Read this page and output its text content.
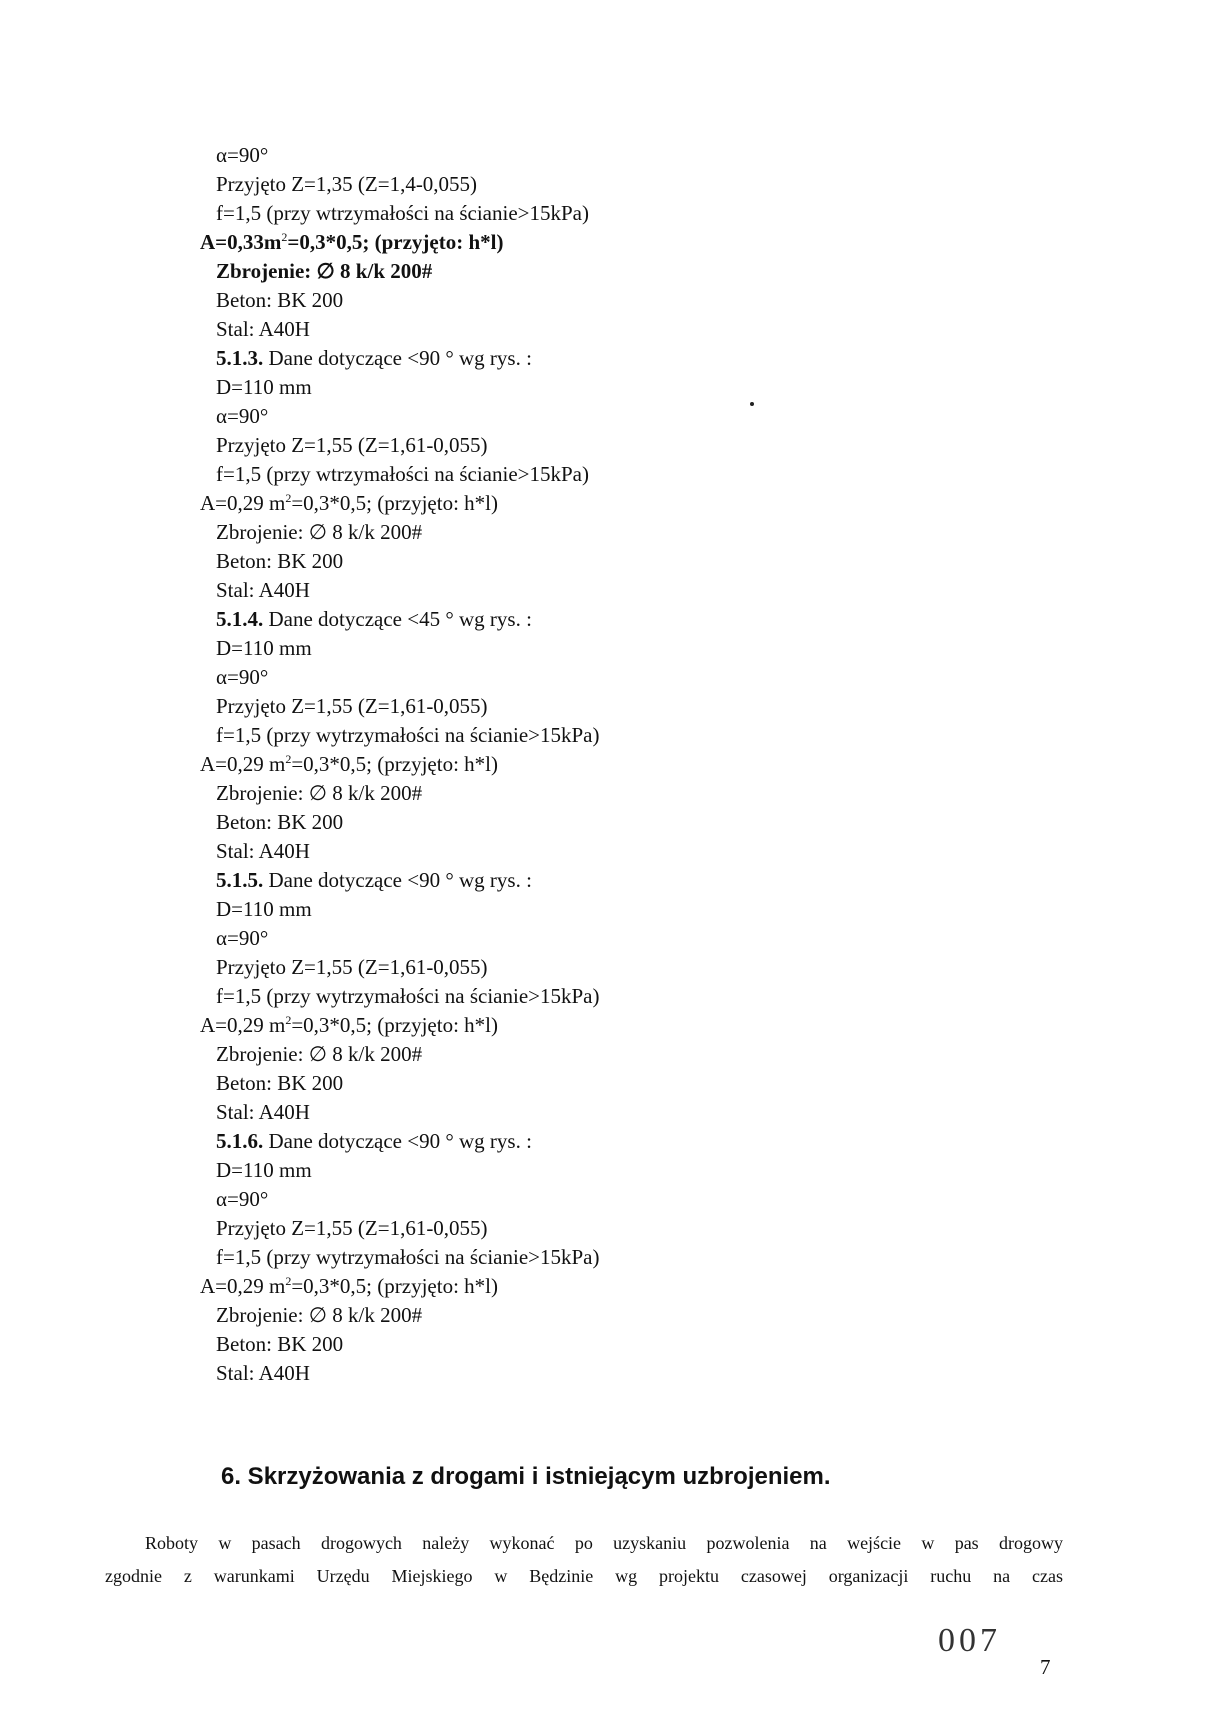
α=90°
Przyjęto Z=1,35 (Z=1,4-0,055)
f=1,5 (przy wtrzymałości na ścianie>15kPa)
$A=0,33m^2=0,3*0,5$; (przyjęto: h*l)
Zbrojenie: ∅ 8 k/k 200#
Beton: BK 200
Stal: A40H
5.1.3. Dane dotyczące <90 ° wg rys. :
D=110 mm
α=90°
Przyjęto Z=1,55 (Z=1,61-0,055)
f=1,5 (przy wtrzymałości na ścianie>15kPa)
A=0,29 $m^2=0,3*0,5$; (przyjęto: h*l)
Zbrojenie: ∅ 8 k/k 200#
Beton: BK 200
Stal: A40H
5.1.4. Dane dotyczące <45 ° wg rys. :
D=110 mm
α=90°
Przyjęto Z=1,55 (Z=1,61-0,055)
f=1,5 (przy wytrzymałości na ścianie>15kPa)
A=0,29 $m^2=0,3*0,5$; (przyjęto: h*l)
Zbrojenie: ∅ 8 k/k 200#
Beton: BK 200
Stal: A40H
5.1.5. Dane dotyczące <90 ° wg rys. :
D=110 mm
α=90°
Przyjęto Z=1,55 (Z=1,61-0,055)
f=1,5 (przy wytrzymałości na ścianie>15kPa)
A=0,29 $m^2=0,3*0,5$; (przyjęto: h*l)
Zbrojenie: ∅ 8 k/k 200#
Beton: BK 200
Stal: A40H
5.1.6. Dane dotyczące <90 ° wg rys. :
D=110 mm
α=90°
Przyjęto Z=1,55 (Z=1,61-0,055)
f=1,5 (przy wytrzymałości na ścianie>15kPa)
A=0,29 $m^2=0,3*0,5$; (przyjęto: h*l)
Zbrojenie: ∅ 8 k/k 200#
Beton: BK 200
Stal: A40H
6. Skrzyżowania z drogami i istniejącym uzbrojeniem.
Roboty w pasach drogowych należy wykonać po uzyskaniu pozwolenia na wejście w pas drogowy
zgodnie z warunkami Urzędu Miejskiego w Będzinie wg projektu czasowej organizacji ruchu na czas
007
7
